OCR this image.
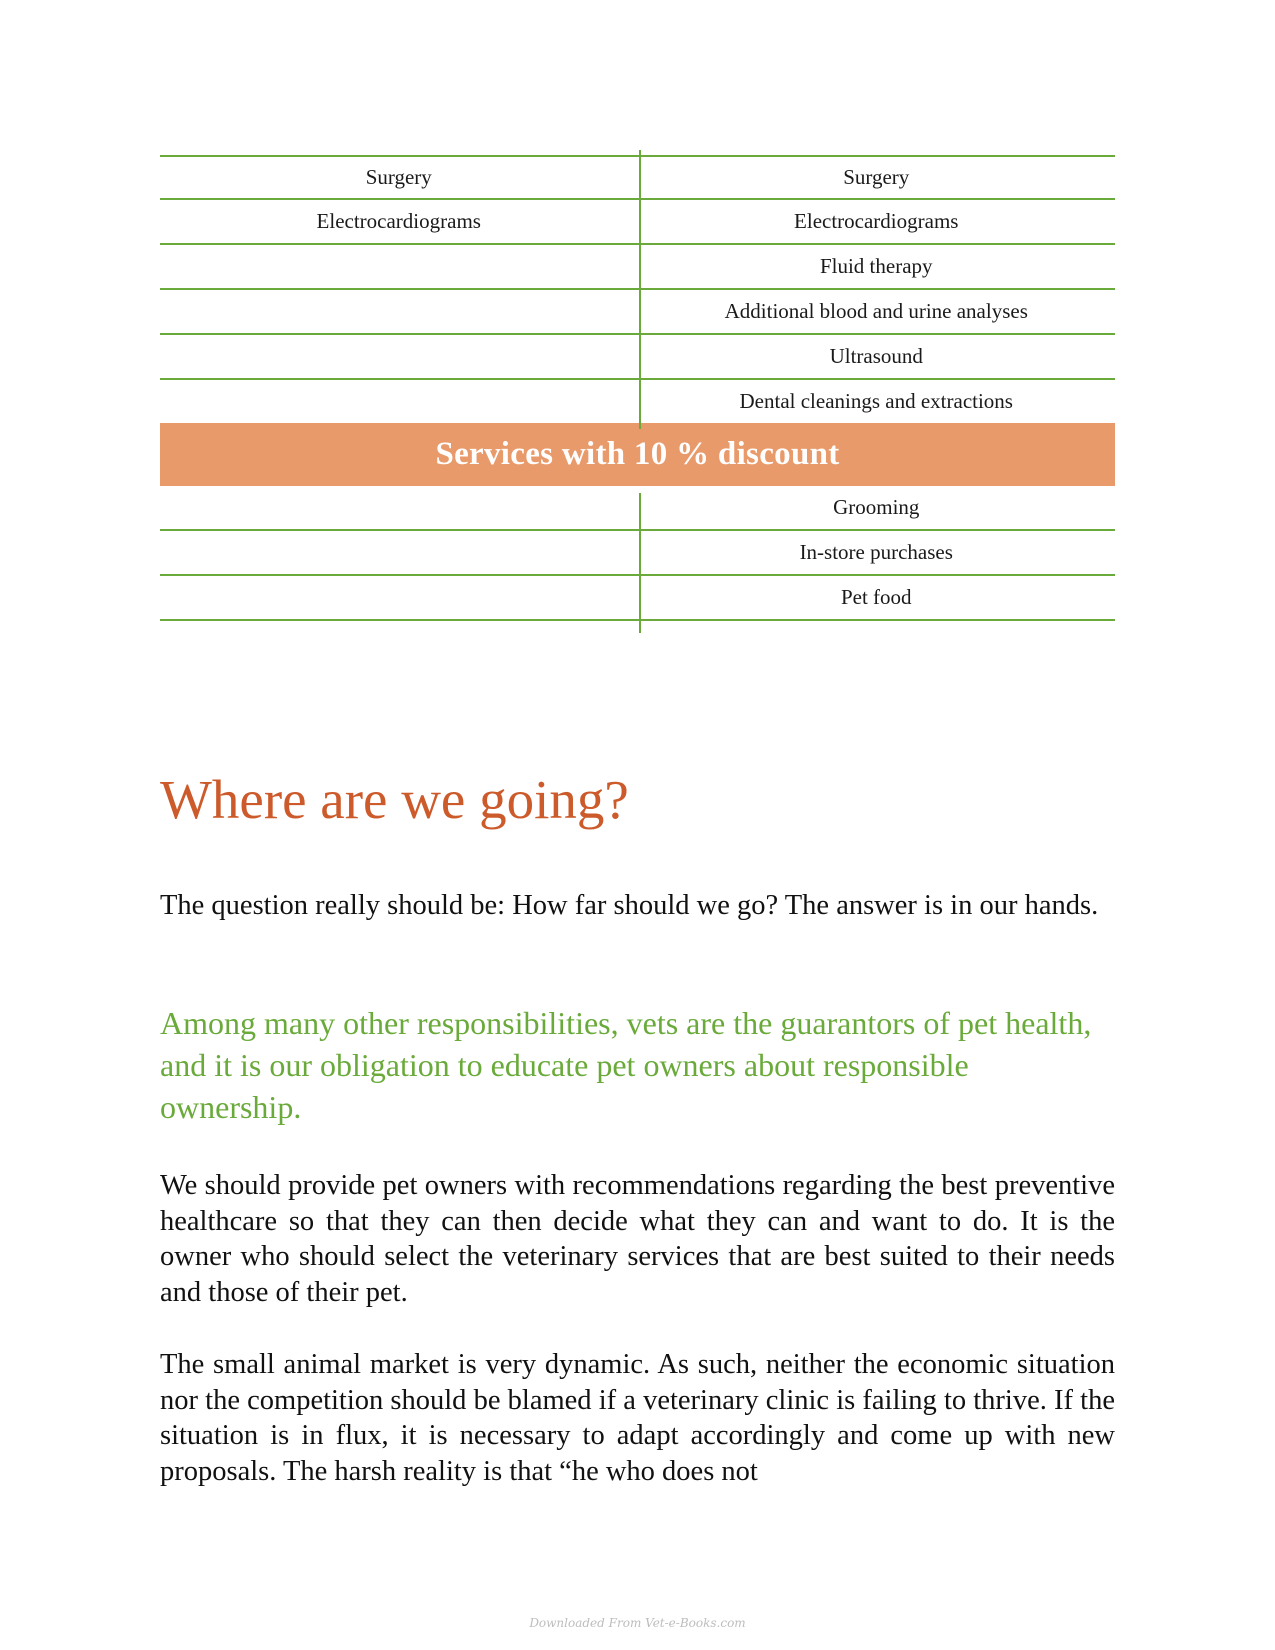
Surgery	Surgery
Electrocardiograms	Electrocardiograms
Fluid therapy
Additional blood and urine analyses
Ultrasound
Dental cleanings and extractions
Services with 10 % discount
Grooming
In-store purchases
Pet food
Where are we going?

The question really should be: How far should we go? The answer is in our hands.

Among many other responsibilities, vets are the guarantors of pet health, and it is our obligation to educate pet owners about responsible ownership.

We should provide pet owners with recommendations regarding the best preventive healthcare so that they can then decide what they can and want to do. It is the owner who should select the veterinary services that are best suited to their needs and those of their pet.

The small animal market is very dynamic. As such, neither the economic situation nor the competition should be blamed if a veterinary clinic is failing to thrive. If the situation is in flux, it is necessary to adapt accordingly and come up with new proposals. The harsh reality is that “he who does not

Downloaded From Vet-e-Books.com
